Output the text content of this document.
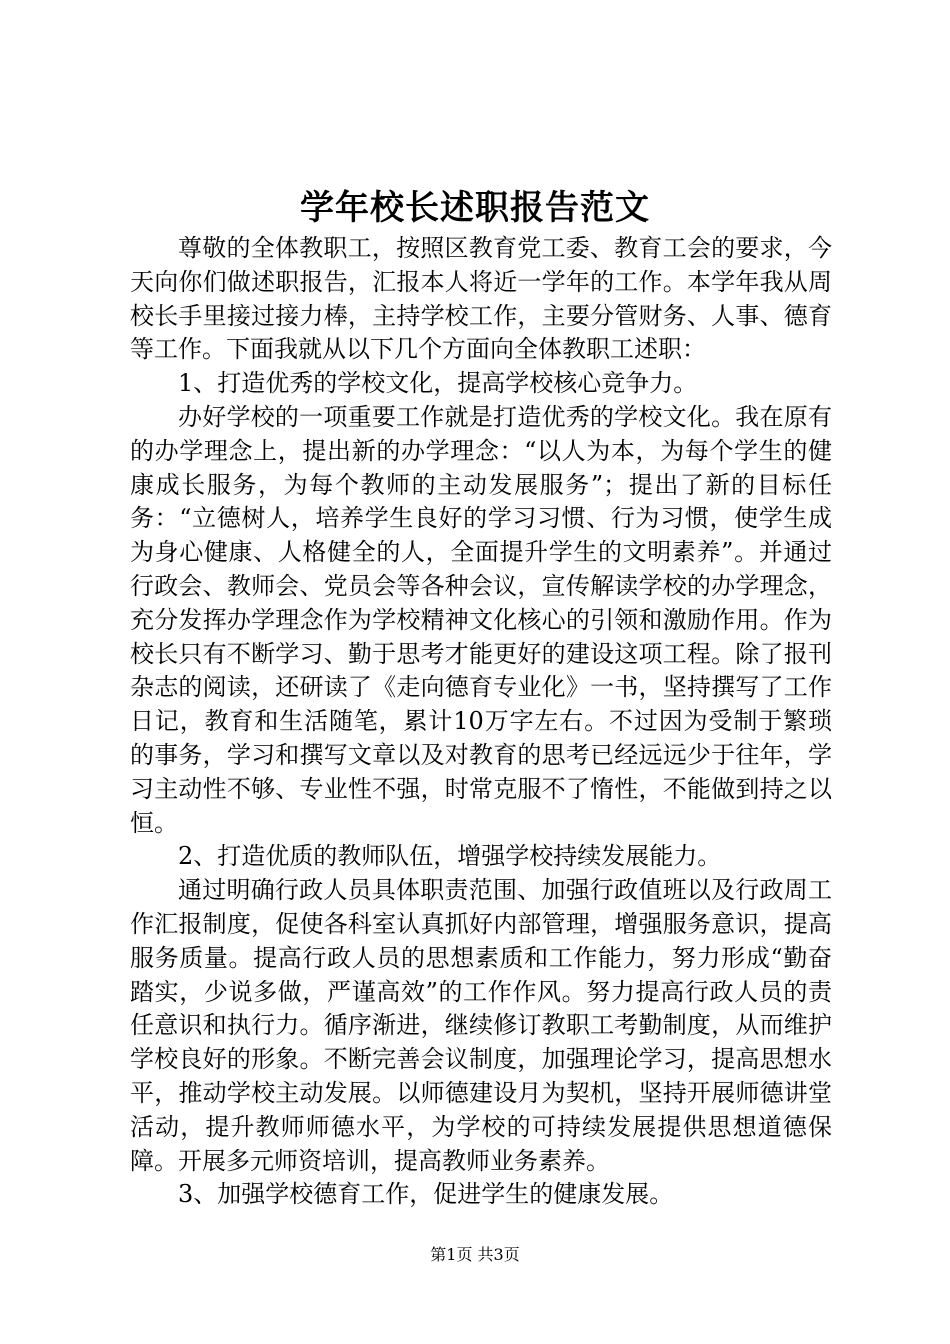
学年校长述职报告范文

尊敬的全体教职工，按照区教育党工委、教育工会的要求，今天向你们做述职报告，汇报本人将近一学年的工作。本学年我从周校长手里接过接力棒，主持学校工作，主要分管财务、人事、德育等工作。下面我就从以下几个方面向全体教职工述职：

1、打造优秀的学校文化，提高学校核心竞争力。

办好学校的一项重要工作就是打造优秀的学校文化。我在原有的办学理念上，提出新的办学理念：“以人为本，为每个学生的健康成长服务，为每个教师的主动发展服务”；提出了新的目标任务：“立德树人，培养学生良好的学习习惯、行为习惯，使学生成为身心健康、人格健全的人，全面提升学生的文明素养”。并通过行政会、教师会、党员会等各种会议，宣传解读学校的办学理念，充分发挥办学理念作为学校精神文化核心的引领和激励作用。作为校长只有不断学习、勤于思考才能更好的建设这项工程。除了报刊杂志的阅读，还研读了《走向德育专业化》一书，坚持撰写了工作日记，教育和生活随笔，累计10万字左右。不过因为受制于繁琐的事务，学习和撰写文章以及对教育的思考已经远远少于往年，学习主动性不够、专业性不强，时常克服不了惰性，不能做到持之以恒。

2、打造优质的教师队伍，增强学校持续发展能力。

通过明确行政人员具体职责范围、加强行政值班以及行政周工作汇报制度，促使各科室认真抓好内部管理，增强服务意识，提高服务质量。提高行政人员的思想素质和工作能力，努力形成“勤奋踏实，少说多做，严谨高效”的工作作风。努力提高行政人员的责任意识和执行力。循序渐进，继续修订教职工考勤制度，从而维护学校良好的形象。不断完善会议制度，加强理论学习，提高思想水平，推动学校主动发展。以师德建设月为契机，坚持开展师德讲堂活动，提升教师师德水平，为学校的可持续发展提供思想道德保障。开展多元师资培训，提高教师业务素养。

3、加强学校德育工作，促进学生的健康发展。

第1页 共3页
